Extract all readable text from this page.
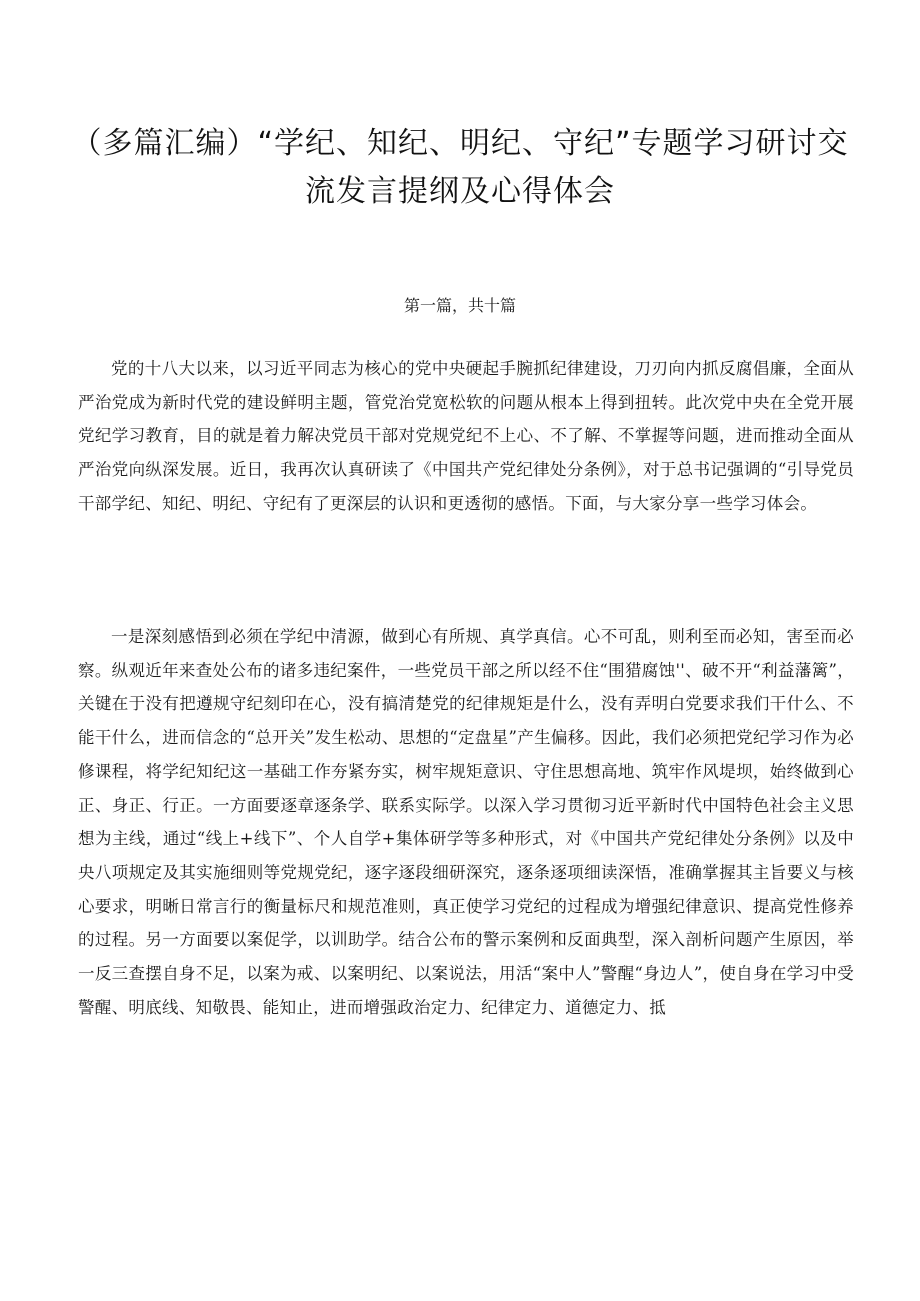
（多篇汇编）“学纪、知纪、明纪、守纪”专题学习研讨交流发言提纲及心得体会

第一篇，共十篇

党的十八大以来，以习近平同志为核心的党中央硬起手腕抓纪律建设，刀刃向内抓反腐倡廉，全面从严治党成为新时代党的建设鲜明主题，管党治党宽松软的问题从根本上得到扭转。此次党中央在全党开展党纪学习教育，目的就是着力解决党员干部对党规党纪不上心、不了解、不掌握等问题，进而推动全面从严治党向纵深发展。近日，我再次认真研读了《中国共产党纪律处分条例》，对于总书记强调的“引导党员干部学纪、知纪、明纪、守纪有了更深层的认识和更透彻的感悟。下面，与大家分享一些学习体会。

一是深刻感悟到必须在学纪中清源，做到心有所规、真学真信。心不可乱，则利至而必知，害至而必察。纵观近年来查处公布的诸多违纪案件，一些党员干部之所以经不住“围猎腐蚀''、破不开“利益藩篱”，关键在于没有把遵规守纪刻印在心，没有搞清楚党的纪律规矩是什么，没有弄明白党要求我们干什么、不能干什么，进而信念的“总开关”发生松动、思想的“定盘星”产生偏移。因此，我们必须把党纪学习作为必修课程，将学纪知纪这一基础工作夯紧夯实，树牢规矩意识、守住思想高地、筑牢作风堤坝，始终做到心正、身正、行正。一方面要逐章逐条学、联系实际学。以深入学习贯彻习近平新时代中国特色社会主义思想为主线，通过“线上+线下”、个人自学+集体研学等多种形式，对《中国共产党纪律处分条例》以及中央八项规定及其实施细则等党规党纪，逐字逐段细研深究，逐条逐项细读深悟，准确掌握其主旨要义与核心要求，明晰日常言行的衡量标尺和规范准则，真正使学习党纪的过程成为增强纪律意识、提高党性修养的过程。另一方面要以案促学，以训助学。结合公布的警示案例和反面典型，深入剖析问题产生原因，举一反三查摆自身不足，以案为戒、以案明纪、以案说法，用活“案中人”警醒“身边人”，使自身在学习中受警醒、明底线、知敬畏、能知止，进而增强政治定力、纪律定力、道德定力、抵
